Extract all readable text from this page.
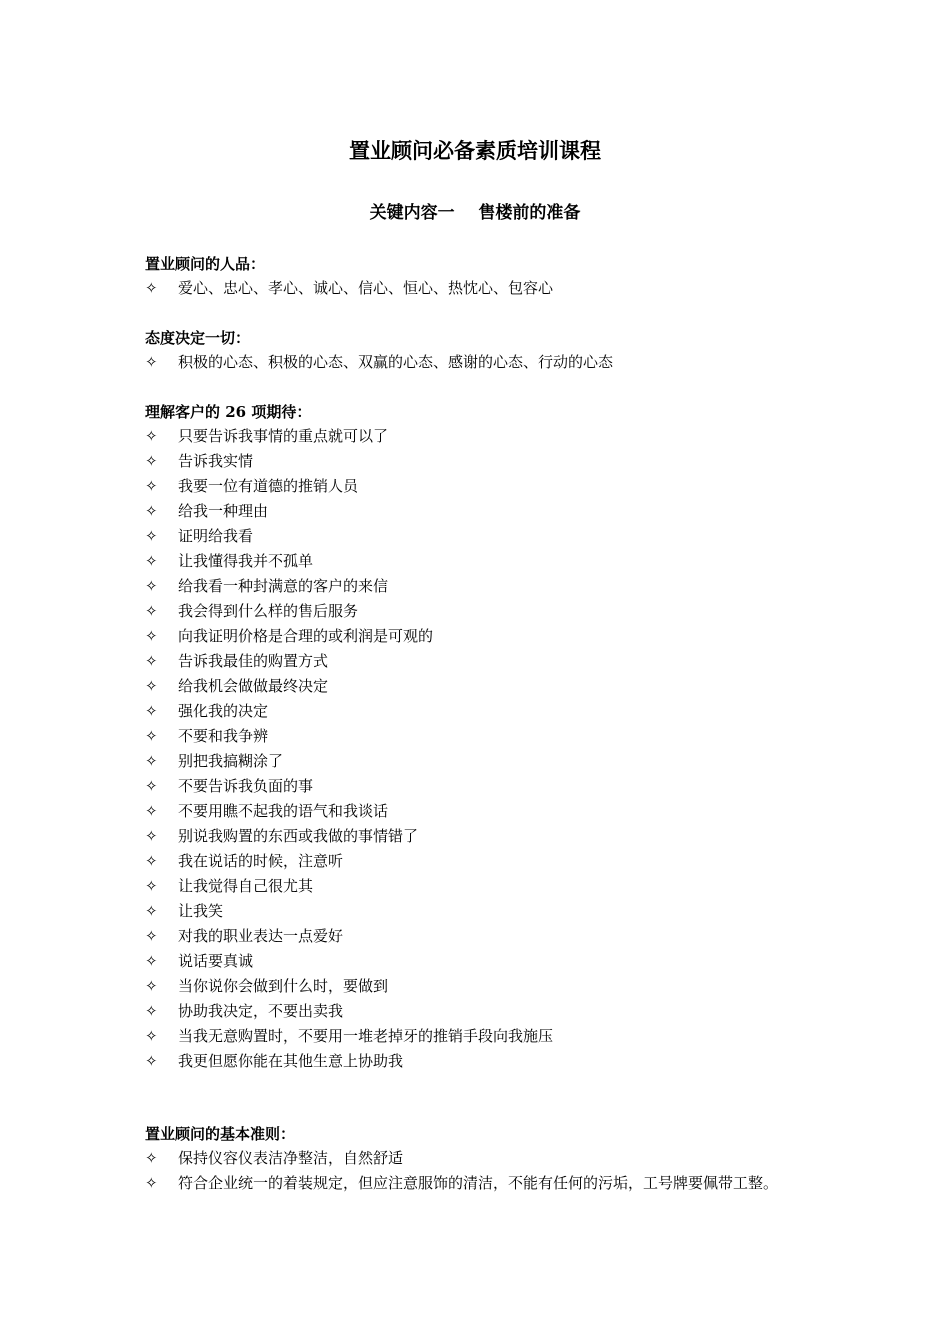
置业顾问必备素质培训课程
关键内容一    售楼前的准备
置业顾问的人品：
✧	爱心、忠心、孝心、诚心、信心、恒心、热忱心、包容心
态度决定一切：
✧	积极的心态、积极的心态、双赢的心态、感谢的心态、行动的心态
理解客户的 26 项期待：
✧	只要告诉我事情的重点就可以了
✧	告诉我实情
✧	我要一位有道德的推销人员
✧	给我一种理由
✧	证明给我看
✧	让我懂得我并不孤单
✧	给我看一种封满意的客户的来信
✧	我会得到什么样的售后服务
✧	向我证明价格是合理的或利润是可观的
✧	告诉我最佳的购置方式
✧	给我机会做做最终决定
✧	强化我的决定
✧	不要和我争辨
✧	别把我搞糊涂了
✧	不要告诉我负面的事
✧	不要用瞧不起我的语气和我谈话
✧	别说我购置的东西或我做的事情错了
✧	我在说话的时候，注意听
✧	让我觉得自己很尤其
✧	让我笑
✧	对我的职业表达一点爱好
✧	说话要真诚
✧	当你说你会做到什么时，要做到
✧	协助我决定，不要出卖我
✧	当我无意购置时，不要用一堆老掉牙的推销手段向我施压
✧	我更但愿你能在其他生意上协助我
置业顾问的基本准则：
✧	保持仪容仪表洁净整洁，自然舒适
✧	符合企业统一的着装规定，但应注意服饰的清洁，不能有任何的污垢，工号牌要佩带工整。
